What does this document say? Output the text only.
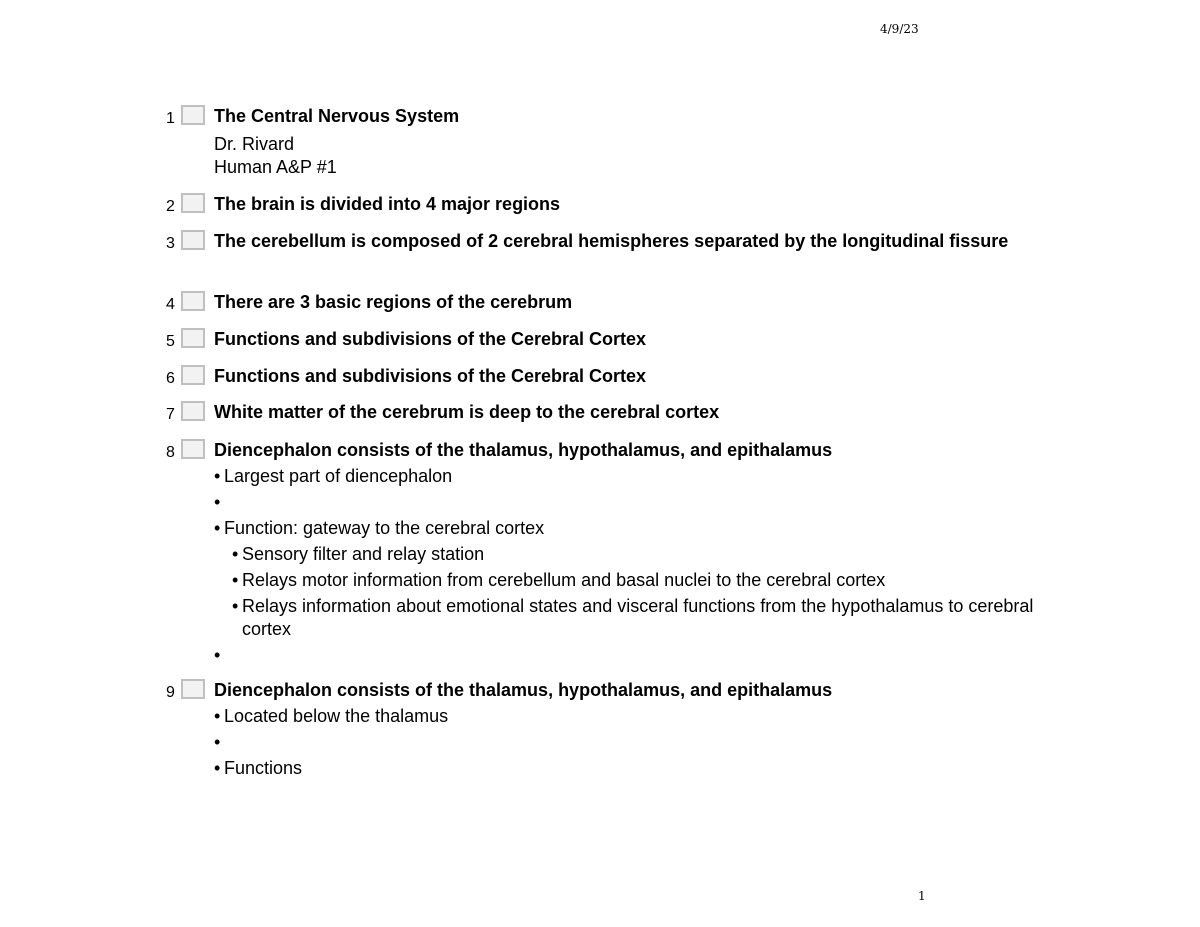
4/9/23
1 The Central Nervous System
Dr. Rivard
Human A&P #1
2 The brain is divided into 4 major regions
3 The cerebellum is composed of 2 cerebral hemispheres separated by the longitudinal fissure
4 There are 3 basic regions of the cerebrum
5 Functions and subdivisions of the Cerebral Cortex
6 Functions and subdivisions of the Cerebral Cortex
7 White matter of the cerebrum is deep to the cerebral cortex
8 Diencephalon consists of the thalamus, hypothalamus, and epithalamus
• Largest part of diencephalon
•
• Function: gateway to the cerebral cortex
• Sensory filter and relay station
• Relays motor information from cerebellum and basal nuclei to the cerebral cortex
• Relays information about emotional states and visceral functions from the hypothalamus to cerebral cortex
•
9 Diencephalon consists of the thalamus, hypothalamus, and epithalamus
• Located below the thalamus
•
• Functions
1
